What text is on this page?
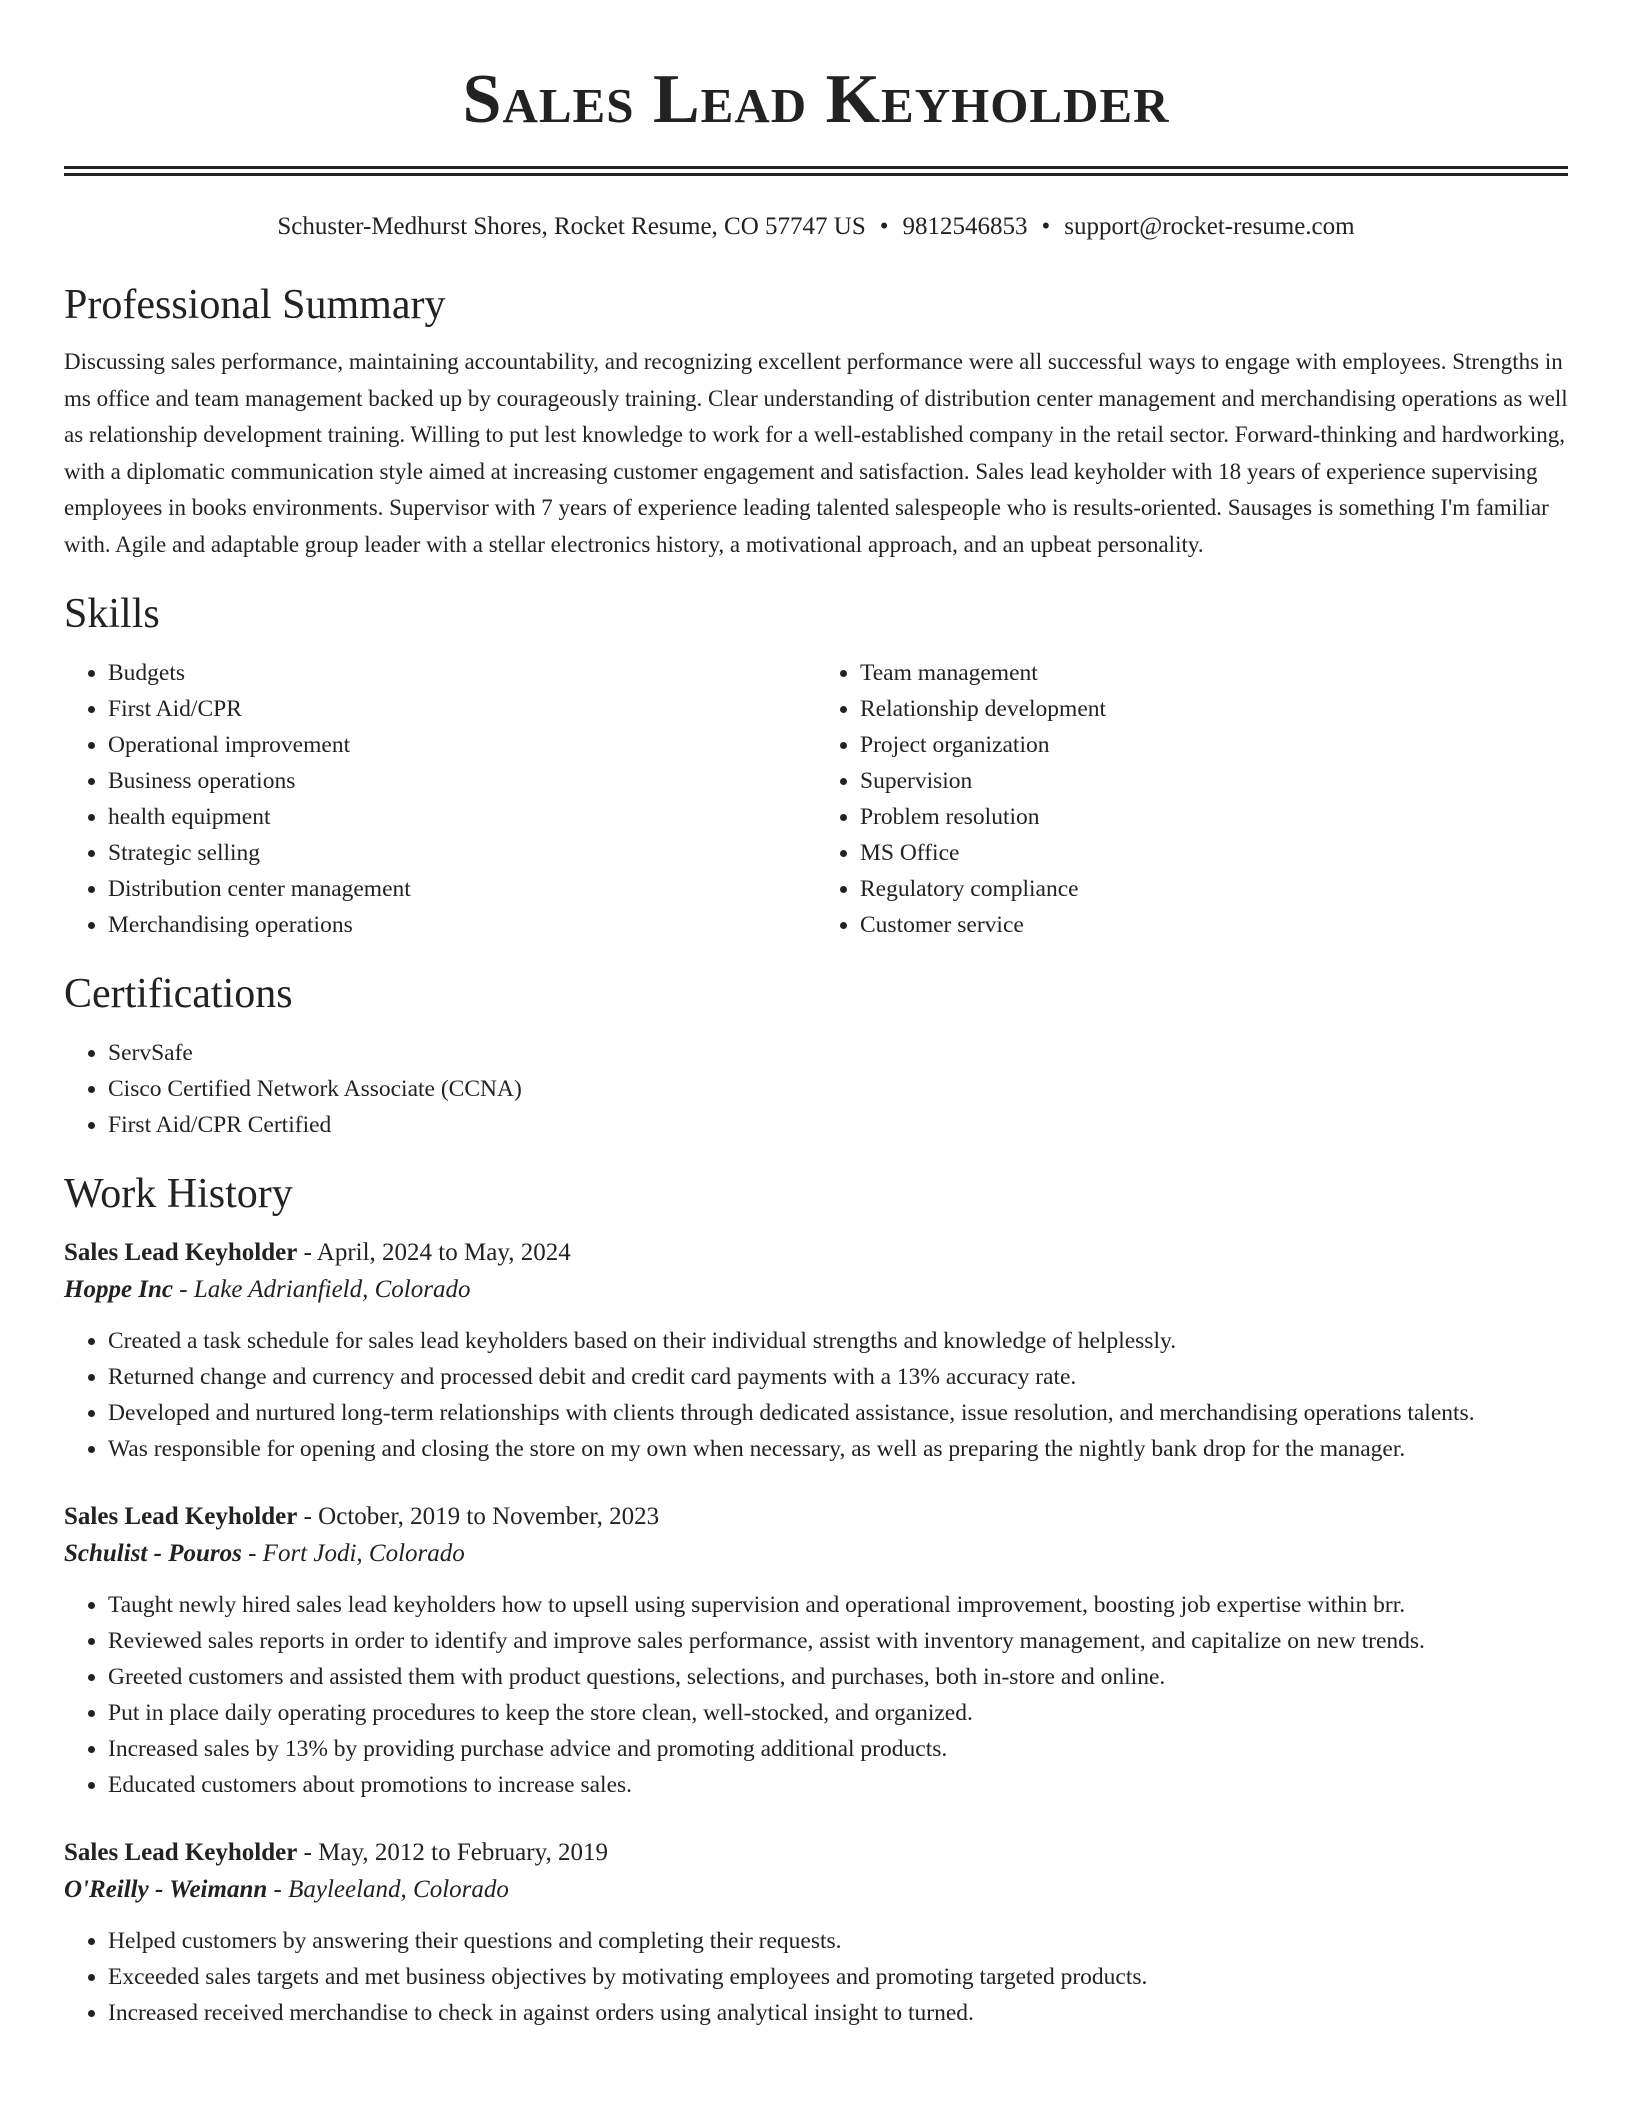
Sales Lead Keyholder
Schuster-Medhurst Shores, Rocket Resume, CO 57747 US • 9812546853 • support@rocket-resume.com
Professional Summary

Discussing sales performance, maintaining accountability, and recognizing excellent performance were all successful ways to engage with employees. Strengths in ms office and team management backed up by courageously training. Clear understanding of distribution center management and merchandising operations as well as relationship development training. Willing to put lest knowledge to work for a well-established company in the retail sector. Forward-thinking and hardworking, with a diplomatic communication style aimed at increasing customer engagement and satisfaction. Sales lead keyholder with 18 years of experience supervising employees in books environments. Supervisor with 7 years of experience leading talented salespeople who is results-oriented. Sausages is something I'm familiar with. Agile and adaptable group leader with a stellar electronics history, a motivational approach, and an upbeat personality.

Skills
• Budgets
• First Aid/CPR
• Operational improvement
• Business operations
• health equipment
• Strategic selling
• Distribution center management
• Merchandising operations
• Team management
• Relationship development
• Project organization
• Supervision
• Problem resolution
• MS Office
• Regulatory compliance
• Customer service
Certifications
• ServSafe
• Cisco Certified Network Associate (CCNA)
• First Aid/CPR Certified
Work History
Sales Lead Keyholder - April, 2024 to May, 2024
Hoppe Inc - Lake Adrianfield, Colorado
• Created a task schedule for sales lead keyholders based on their individual strengths and knowledge of helplessly.
• Returned change and currency and processed debit and credit card payments with a 13% accuracy rate.
• Developed and nurtured long-term relationships with clients through dedicated assistance, issue resolution, and merchandising operations talents.
• Was responsible for opening and closing the store on my own when necessary, as well as preparing the nightly bank drop for the manager.
Sales Lead Keyholder - October, 2019 to November, 2023
Schulist - Pouros - Fort Jodi, Colorado
• Taught newly hired sales lead keyholders how to upsell using supervision and operational improvement, boosting job expertise within brr.
• Reviewed sales reports in order to identify and improve sales performance, assist with inventory management, and capitalize on new trends.
• Greeted customers and assisted them with product questions, selections, and purchases, both in-store and online.
• Put in place daily operating procedures to keep the store clean, well-stocked, and organized.
• Increased sales by 13% by providing purchase advice and promoting additional products.
• Educated customers about promotions to increase sales.
Sales Lead Keyholder - May, 2012 to February, 2019
O'Reilly - Weimann - Bayleeland, Colorado
• Helped customers by answering their questions and completing their requests.
• Exceeded sales targets and met business objectives by motivating employees and promoting targeted products.
• Increased received merchandise to check in against orders using analytical insight to turned.
